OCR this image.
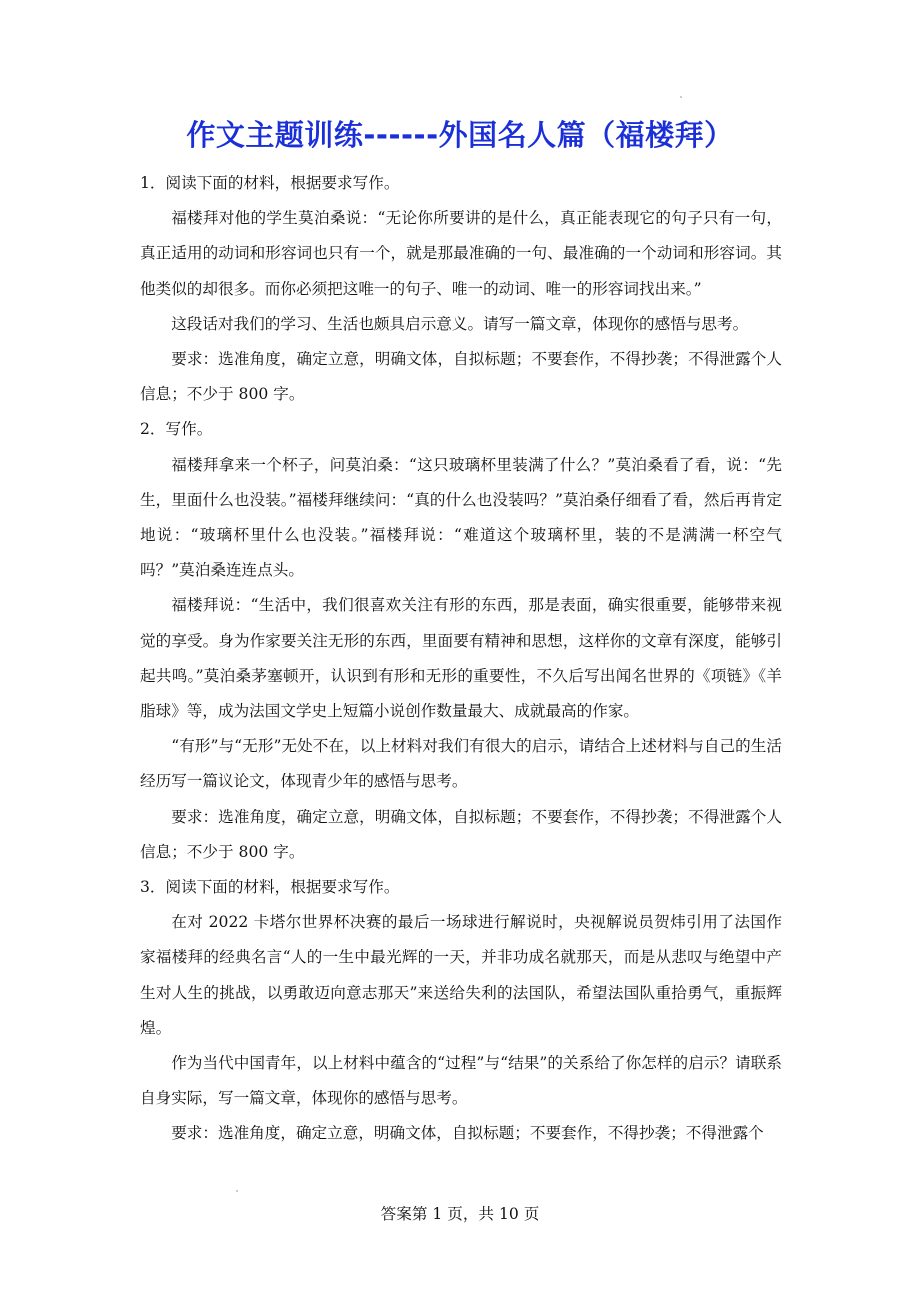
作文主题训练------外国名人篇（福楼拜）

1．阅读下面的材料，根据要求写作。

福楼拜对他的学生莫泊桑说：“无论你所要讲的是什么，真正能表现它的句子只有一句，真正适用的动词和形容词也只有一个，就是那最准确的一句、最准确的一个动词和形容词。其他类似的却很多。而你必须把这唯一的句子、唯一的动词、唯一的形容词找出来。”

这段话对我们的学习、生活也颇具启示意义。请写一篇文章，体现你的感悟与思考。

要求：选准角度，确定立意，明确文体，自拟标题；不要套作，不得抄袭；不得泄露个人信息；不少于 800 字。

2．写作。

福楼拜拿来一个杯子，问莫泊桑：“这只玻璃杯里装满了什么？”莫泊桑看了看，说：“先生，里面什么也没装。”福楼拜继续问：“真的什么也没装吗？”莫泊桑仔细看了看，然后再肯定地说：“玻璃杯里什么也没装。”福楼拜说：“难道这个玻璃杯里，装的不是满满一杯空气吗？”莫泊桑连连点头。

福楼拜说：“生活中，我们很喜欢关注有形的东西，那是表面，确实很重要，能够带来视觉的享受。身为作家要关注无形的东西，里面要有精神和思想，这样你的文章有深度，能够引起共鸣。”莫泊桑茅塞顿开，认识到有形和无形的重要性，不久后写出闻名世界的《项链》《羊脂球》等，成为法国文学史上短篇小说创作数量最大、成就最高的作家。

“有形”与“无形”无处不在，以上材料对我们有很大的启示，请结合上述材料与自己的生活经历写一篇议论文，体现青少年的感悟与思考。

要求：选准角度，确定立意，明确文体，自拟标题；不要套作，不得抄袭；不得泄露个人信息；不少于 800 字。

3．阅读下面的材料，根据要求写作。

在对 2022 卡塔尔世界杯决赛的最后一场球进行解说时，央视解说员贺炜引用了法国作家福楼拜的经典名言“人的一生中最光辉的一天，并非功成名就那天，而是从悲叹与绝望中产生对人生的挑战，以勇敢迈向意志那天”来送给失利的法国队，希望法国队重拾勇气，重振辉煌。

作为当代中国青年，以上材料中蕴含的“过程”与“结果”的关系给了你怎样的启示？请联系自身实际，写一篇文章，体现你的感悟与思考。

要求：选准角度，确定立意，明确文体，自拟标题；不要套作，不得抄袭；不得泄露个

答案第 1 页，共 10 页
